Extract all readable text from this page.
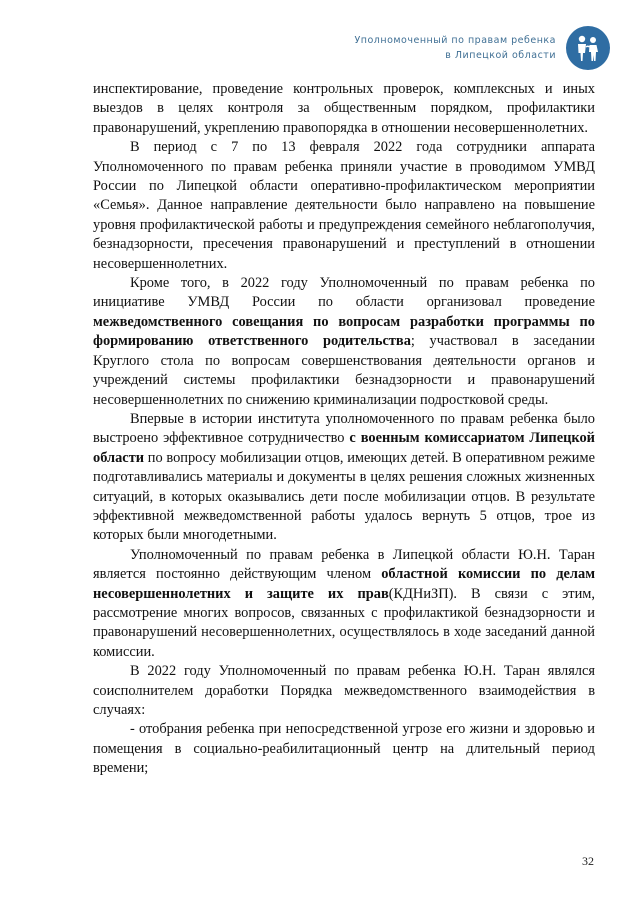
Уполномоченный по правам ребенка
в Липецкой области

инспектирование, проведение контрольных проверок, комплексных и иных выездов в целях контроля за общественным порядком, профилактики правонарушений, укреплению правопорядка в отношении несовершеннолетних.

В период с 7 по 13 февраля 2022 года сотрудники аппарата Уполномоченного по правам ребенка приняли участие в проводимом УМВД России по Липецкой области оперативно-профилактическом мероприятии «Семья». Данное направление деятельности было направлено на повышение уровня профилактической работы и предупреждения семейного неблагополучия, безнадзорности, пресечения правонарушений и преступлений в отношении несовершеннолетних.

Кроме того, в 2022 году Уполномоченный по правам ребенка по инициативе УМВД России по области организовал проведение межведомственного совещания по вопросам разработки программы по формированию ответственного родительства; участвовал в заседании Круглого стола по вопросам совершенствования деятельности органов и учреждений системы профилактики безнадзорности и правонарушений несовершеннолетних по снижению криминализации подростковой среды.

Впервые в истории института уполномоченного по правам ребенка было выстроено эффективное сотрудничество с военным комиссариатом Липецкой области по вопросу мобилизации отцов, имеющих детей. В оперативном режиме подготавливались материалы и документы в целях решения сложных жизненных ситуаций, в которых оказывались дети после мобилизации отцов. В результате эффективной межведомственной работы удалось вернуть 5 отцов, трое из которых были многодетными.

Уполномоченный по правам ребенка в Липецкой области Ю.Н. Таран является постоянно действующим членом областной комиссии по делам несовершеннолетних и защите их прав(КДНиЗП). В связи с этим, рассмотрение многих вопросов, связанных с профилактикой безнадзорности и правонарушений несовершеннолетних, осуществлялось в ходе заседаний данной комиссии.

В 2022 году Уполномоченный по правам ребенка Ю.Н. Таран являлся соисполнителем доработки Порядка межведомственного взаимодействия в случаях:

- отобрания ребенка при непосредственной угрозе его жизни и здоровью и помещения в социально-реабилитационный центр на длительный период времени;

32
